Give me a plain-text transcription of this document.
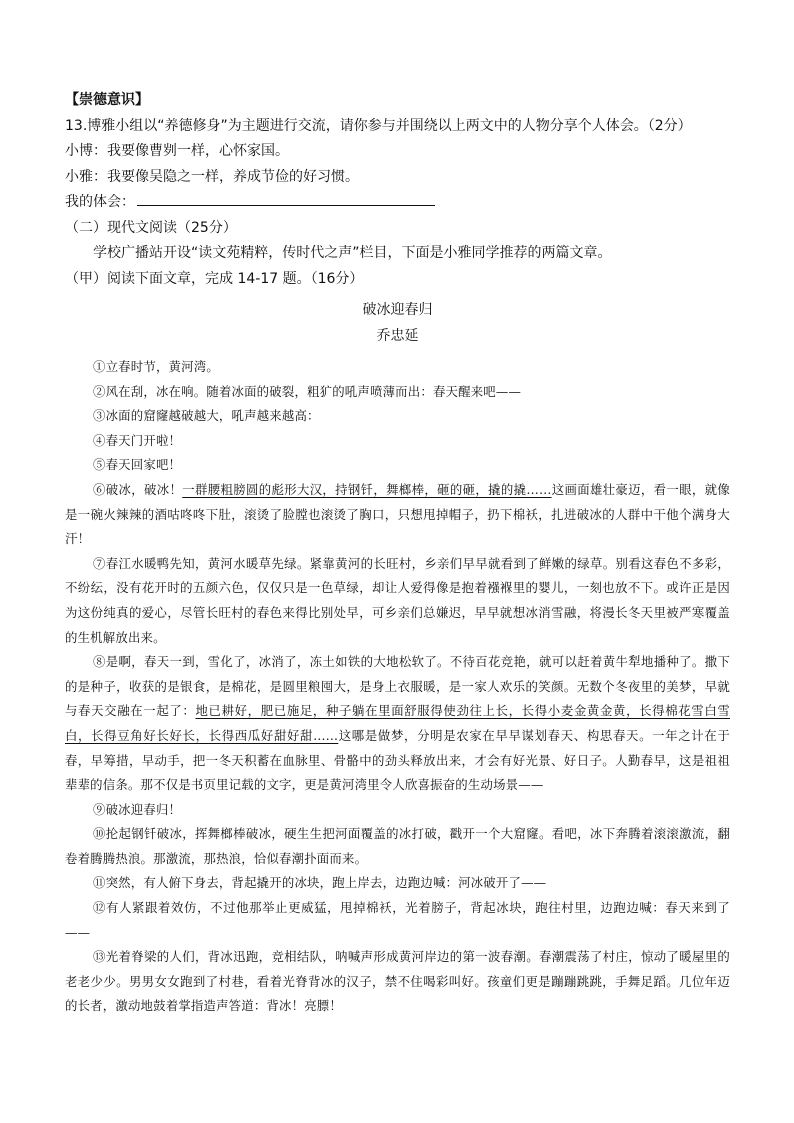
【崇德意识】
13.博雅小组以“养德修身”为主题进行交流，请你参与并围绕以上两文中的人物分享个人体会。（2分）
小博：我要像曹刿一样，心怀家国。
小雅：我要像吴隐之一样，养成节俭的好习惯。
我的体会：
（二）现代文阅读（25分）
学校广播站开设“读文苑精粹，传时代之声”栏目，下面是小雅同学推荐的两篇文章。
（甲）阅读下面文章，完成 14-17 题。（16分）
破冰迎春归
乔忠延

①立春时节，黄河湾。

②风在刮，冰在响。随着冰面的破裂，粗犷的吼声喷薄而出：春天醒来吧——

③冰面的窟窿越破越大，吼声越来越高：

④春天门开啦！

⑤春天回家吧！

⑥破冰，破冰！一群腰粗膀圆的彪形大汉，持钢钎，舞榔棒，砸的砸，撬的撬……这画面雄壮豪迈，看一眼，就像是一碗火辣辣的酒咕咚咚下肚，滚烫了脸膛也滚烫了胸口，只想甩掉帽子，扔下棉袄，扎进破冰的人群中干他个满身大汗！

⑦春江水暖鸭先知，黄河水暖草先绿。紧靠黄河的长旺村，乡亲们早早就看到了鲜嫩的绿草。别看这春色不多彩，不纷纭，没有花开时的五颜六色，仅仅只是一色草绿，却让人爱得像是抱着襁褓里的婴儿，一刻也放不下。或许正是因为这份纯真的爱心，尽管长旺村的春色来得比别处早，可乡亲们总嫌迟，早早就想冰消雪融，将漫长冬天里被严寒覆盖的生机解放出来。

⑧是啊，春天一到，雪化了，冰消了，冻土如铁的大地松软了。不待百花竞艳，就可以赶着黄牛犁地播种了。撒下的是种子，收获的是银食，是棉花，是圆里粮囤大，是身上衣服暖，是一家人欢乐的笑颜。无数个冬夜里的美梦，早就与春天交融在一起了：地已耕好，肥已施足，种子躺在里面舒服得使劲往上长，长得小麦金黄金黄，长得棉花雪白雪白，长得豆角好长好长，长得西瓜好甜好甜……这哪是做梦，分明是农家在早早谋划春天、构思春天。一年之计在于春，早筹措，早动手，把一冬天积蓄在血脉里、骨骼中的劲头释放出来，才会有好光景、好日子。人勤春早，这是祖祖辈辈的信条。那不仅是书页里记载的文字，更是黄河湾里令人欣喜振奋的生动场景——

⑨破冰迎春归！

⑩抡起钢钎破冰，挥舞榔棒破冰，硬生生把河面覆盖的冰打破，戳开一个大窟窿。看吧，冰下奔腾着滚滚激流，翻卷着腾腾热浪。那激流，那热浪，恰似春潮扑面而来。

⑪突然，有人俯下身去，背起撬开的冰块，跑上岸去，边跑边喊：河冰破开了——

⑫有人紧跟着效仿，不过他那举止更威猛，甩掉棉袄，光着膀子，背起冰块，跑往村里，边跑边喊：春天来到了——

⑬光着脊梁的人们，背冰迅跑，竞相结队，呐喊声形成黄河岸边的第一波春潮。春潮震荡了村庄，惊动了暖屋里的老老少少。男男女女跑到了村巷，看着光脊背冰的汉子，禁不住喝彩叫好。孩童们更是蹦蹦跳跳，手舞足蹈。几位年迈的长者，激动地鼓着掌指造声答道：背冰！亮膘！
